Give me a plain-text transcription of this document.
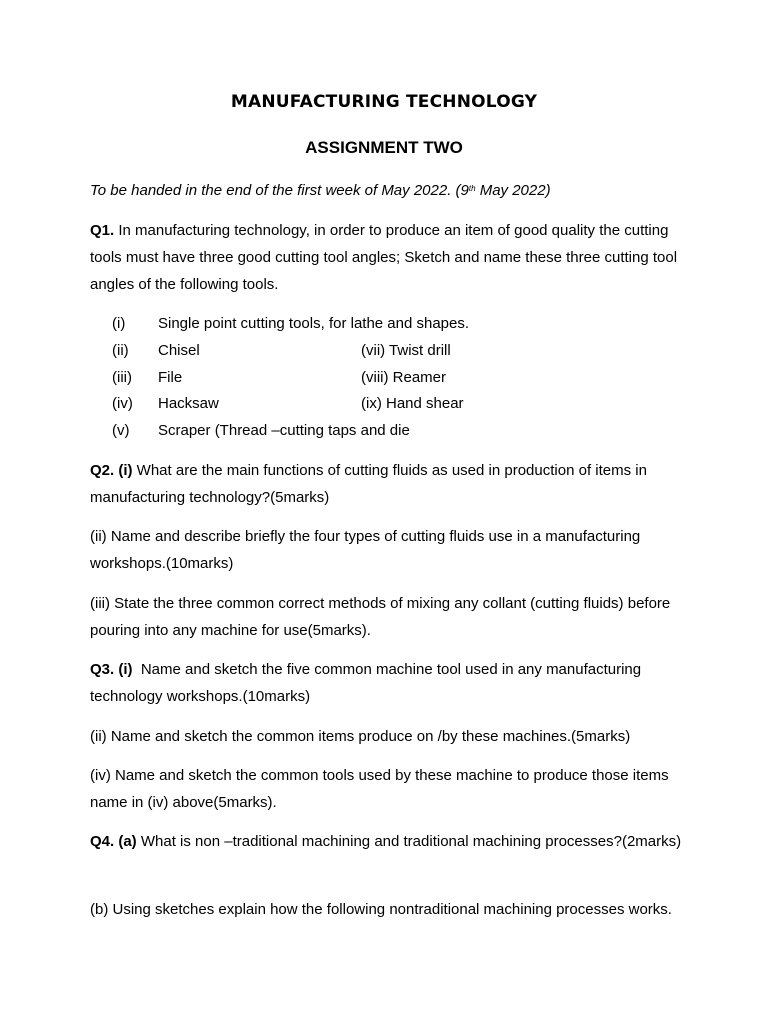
MANUFACTURING TECHNOLOGY
ASSIGNMENT TWO
To be handed in the end of the first week of May 2022. (9th May 2022)
Q1. In manufacturing technology, in order to produce an item of good quality the cutting tools must have three good cutting tool angles; Sketch and name these three cutting tool angles of the following tools.
(i) Single point cutting tools, for lathe and shapes.
(ii) Chisel	(vii) Twist drill
(iii) File	(viii) Reamer
(iv) Hacksaw	(ix) Hand shear
(v) Scraper (Thread –cutting taps and die
Q2. (i) What are the main functions of cutting fluids as used in production of items in manufacturing technology?(5marks)
(ii) Name and describe briefly the four types of cutting fluids use in a manufacturing workshops.(10marks)
(iii) State the three common correct methods of mixing any collant (cutting fluids) before pouring into any machine for use(5marks).
Q3. (i)  Name and sketch the five common machine tool used in any manufacturing technology workshops.(10marks)
(ii) Name and sketch the common items produce on /by these machines.(5marks)
(iv) Name and sketch the common tools used by these machine to produce those items name in (iv) above(5marks).
Q4. (a) What is non –traditional machining and traditional machining processes?(2marks)
(b) Using sketches explain how the following nontraditional machining processes works.
